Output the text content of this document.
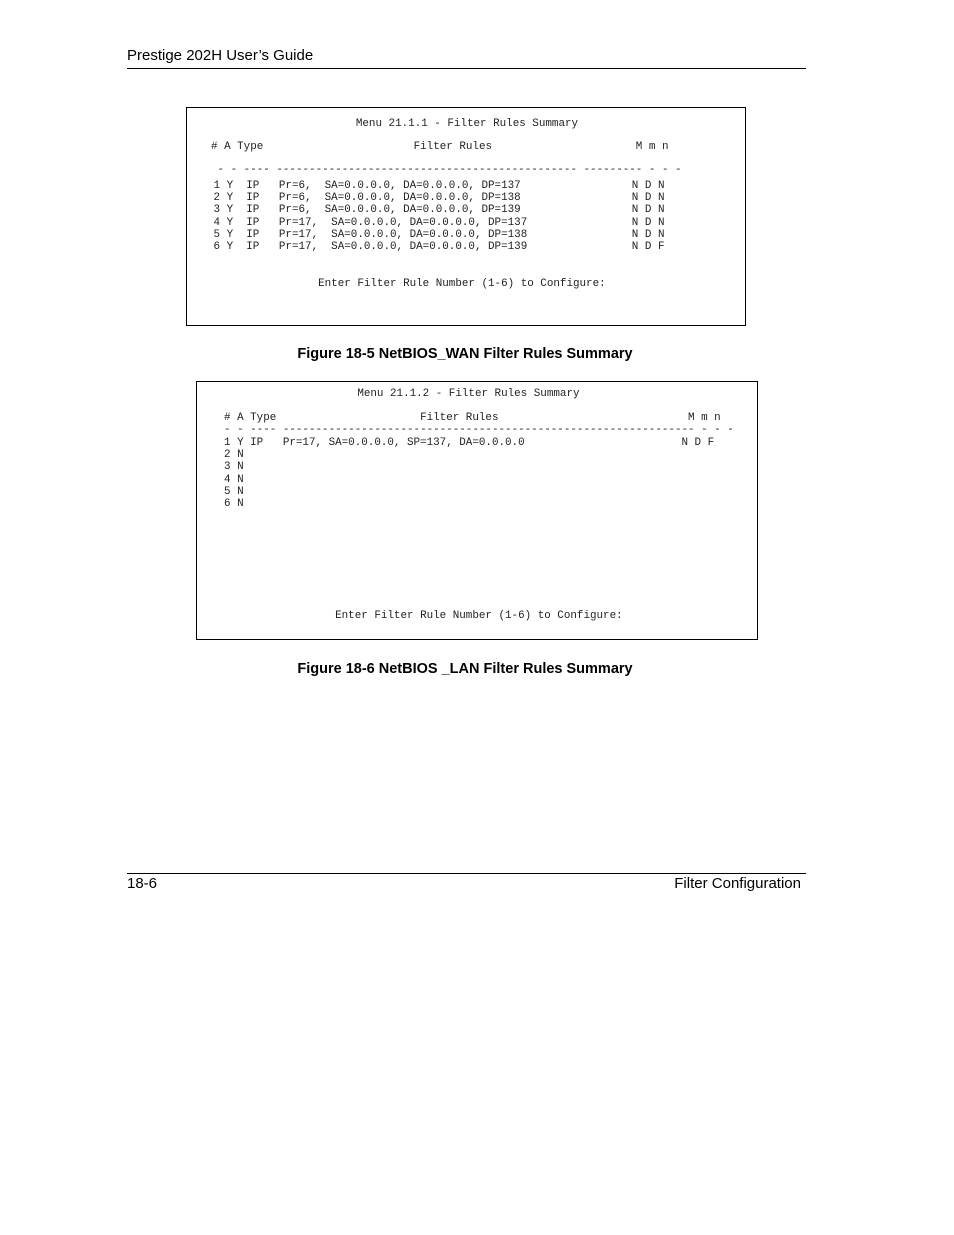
Prestige 202H User’s Guide
Menu 21.1.1 - Filter Rules Summary
# A Type                       Filter Rules                      M m n
- - ---- ---------------------------------------------- --------- - - -
1 Y  IP   Pr=6,  SA=0.0.0.0, DA=0.0.0.0, DP=137                 N D N
2 Y  IP   Pr=6,  SA=0.0.0.0, DA=0.0.0.0, DP=138                 N D N
3 Y  IP   Pr=6,  SA=0.0.0.0, DA=0.0.0.0, DP=139                 N D N
4 Y  IP   Pr=17,  SA=0.0.0.0, DA=0.0.0.0, DP=137                N D N
5 Y  IP   Pr=17,  SA=0.0.0.0, DA=0.0.0.0, DP=138                N D N
6 Y  IP   Pr=17,  SA=0.0.0.0, DA=0.0.0.0, DP=139                N D F
Enter Filter Rule Number (1-6) to Configure:
Figure 18-5 NetBIOS_WAN Filter Rules Summary
Menu 21.1.2 - Filter Rules Summary
# A Type                      Filter Rules                             M m n
- - ---- --------------------------------------------------------------- - - -
1 Y IP   Pr=17, SA=0.0.0.0, SP=137, DA=0.0.0.0                        N D F
2 N
3 N
4 N
5 N
6 N
Enter Filter Rule Number (1-6) to Configure:
Figure 18-6 NetBIOS _LAN Filter Rules Summary
18-6	Filter Configuration
